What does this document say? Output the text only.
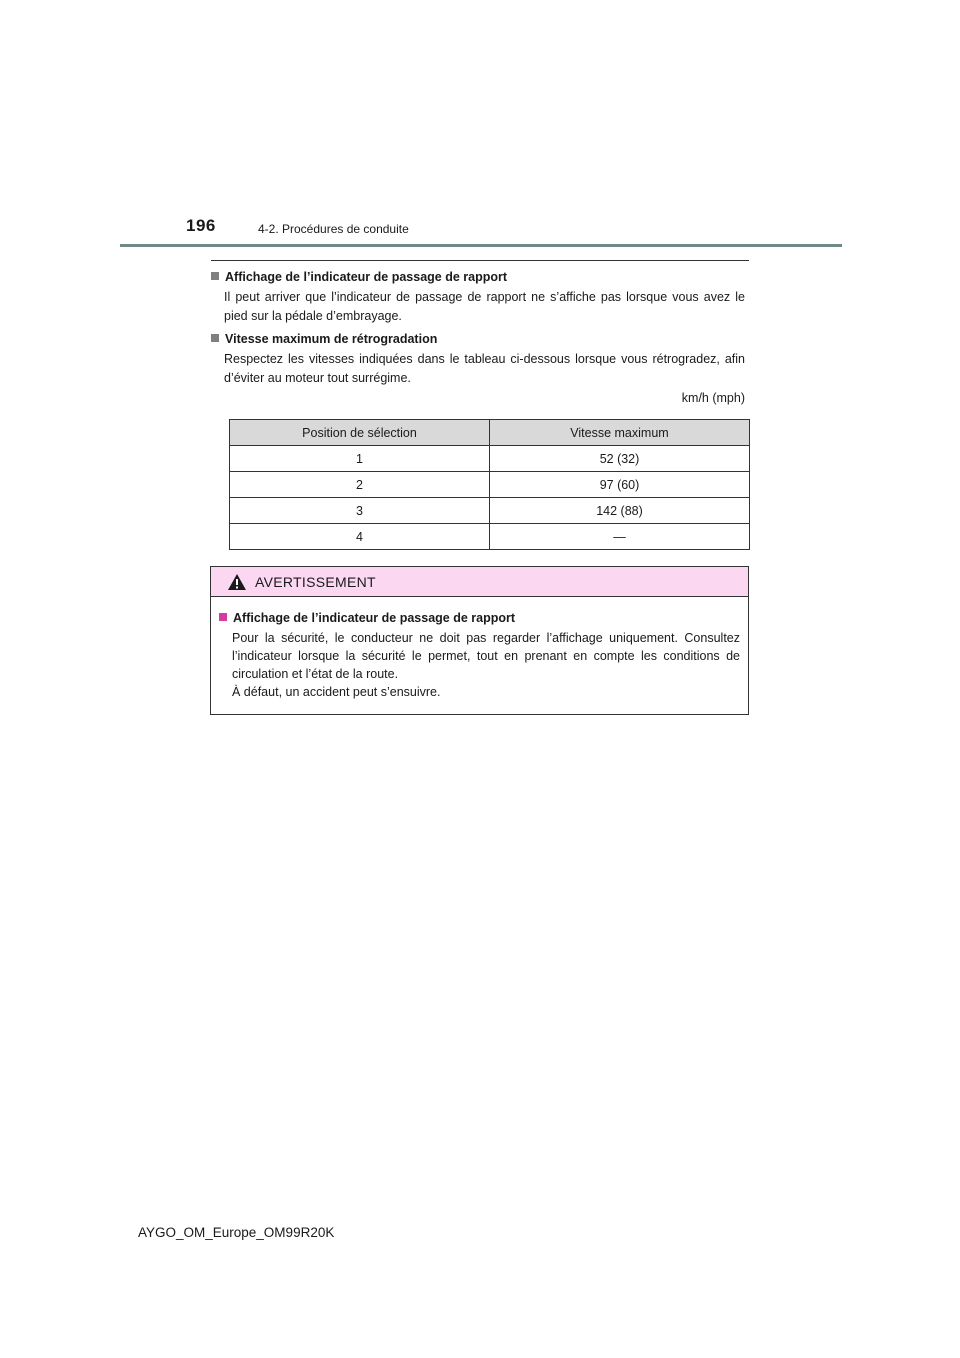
196	4-2. Procédures de conduite
Affichage de l’indicateur de passage de rapport
Il peut arriver que l’indicateur de passage de rapport ne s’affiche pas lorsque vous avez le pied sur la pédale d’embrayage.
Vitesse maximum de rétrogradation
Respectez les vitesses indiquées dans le tableau ci-dessous lorsque vous rétrogradez, afin d’éviter au moteur tout surrégime.
km/h (mph)
Position de sélection	Vitesse maximum
1	52 (32)
2	97 (60)
3	142 (88)
4	—
AVERTISSEMENT
Affichage de l’indicateur de passage de rapport
Pour la sécurité, le conducteur ne doit pas regarder l’affichage uniquement. Consultez l’indicateur lorsque la sécurité le permet, tout en prenant en compte les conditions de circulation et l’état de la route.
À défaut, un accident peut s’ensuivre.
AYGO_OM_Europe_OM99R20K
